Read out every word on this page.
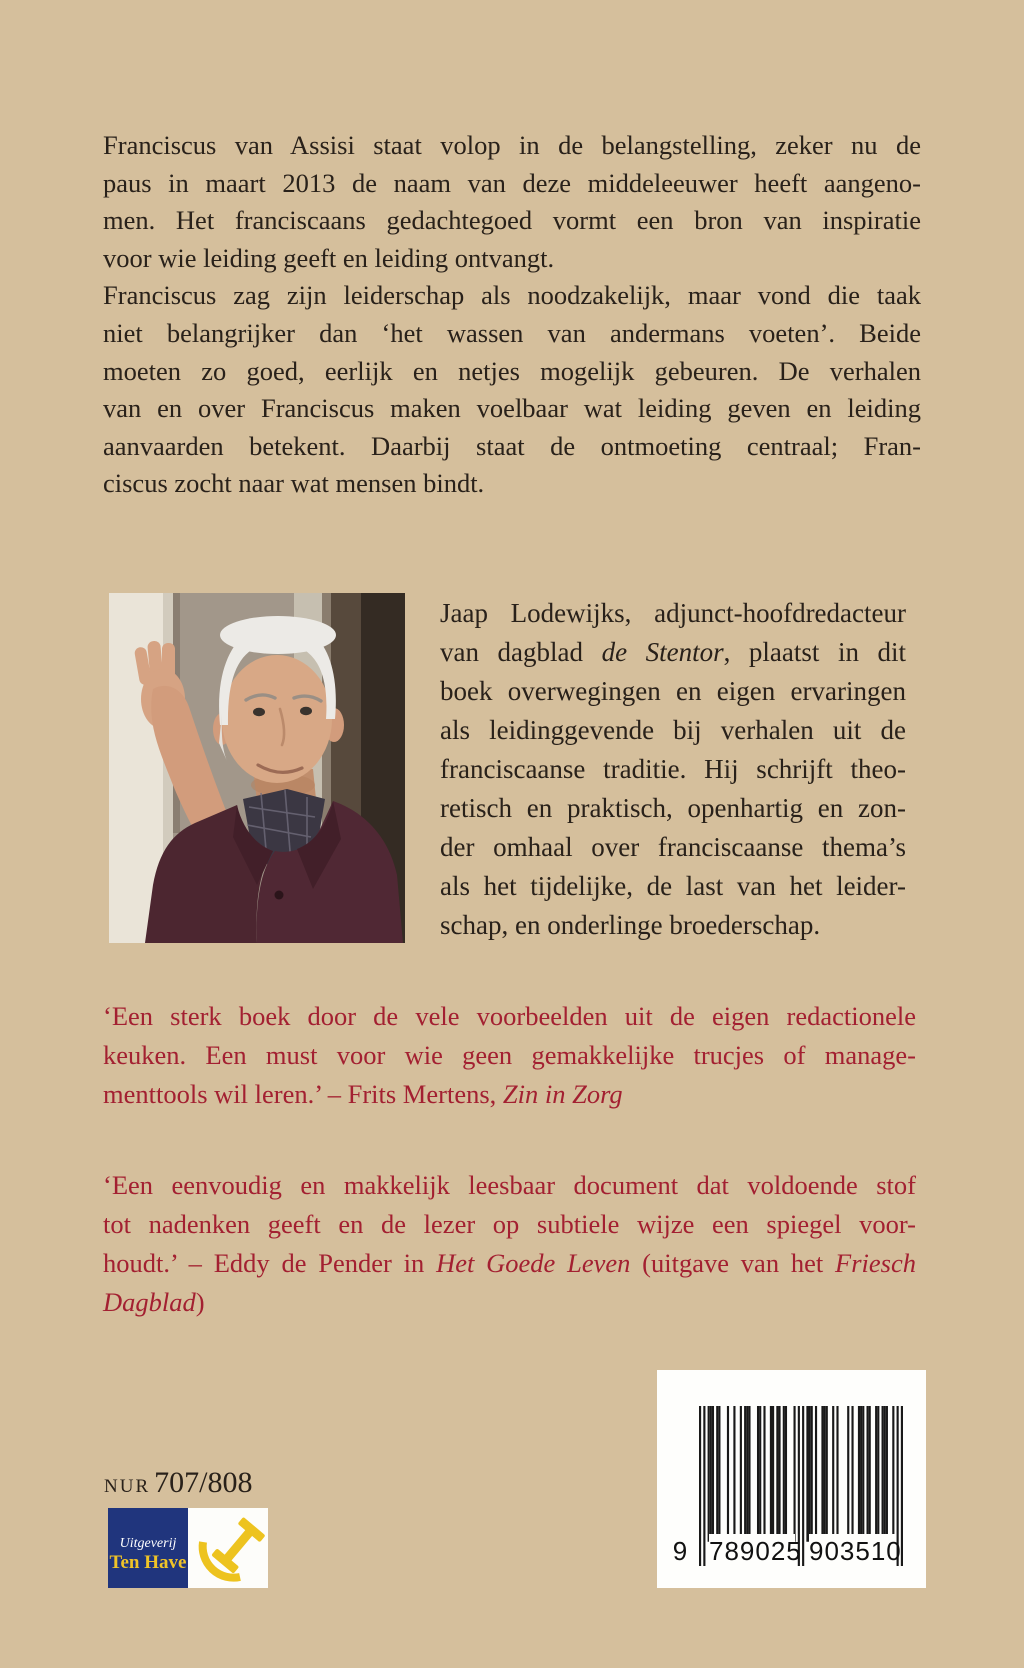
Franciscus van Assisi staat volop in de belangstelling, zeker nu de
paus in maart 2013 de naam van deze middeleeuwer heeft aangeno-
men. Het franciscaans gedachtegoed vormt een bron van inspiratie
voor wie leiding geeft en leiding ontvangt.
Franciscus zag zijn leiderschap als noodzakelijk, maar vond die taak
niet belangrijker dan ‘het wassen van andermans voeten’. Beide
moeten zo goed, eerlijk en netjes mogelijk gebeuren. De verhalen
van en over Franciscus maken voelbaar wat leiding geven en leiding
aanvaarden betekent. Daarbij staat de ontmoeting centraal; Fran-
ciscus zocht naar wat mensen bindt.
Jaap Lodewijks, adjunct-hoofdredacteur
van dagblad de Stentor, plaatst in dit
boek overwegingen en eigen ervaringen
als leidinggevende bij verhalen uit de
franciscaanse traditie. Hij schrijft theo-
retisch en praktisch, openhartig en zon-
der omhaal over franciscaanse thema’s
als het tijdelijke, de last van het leider-
schap, en onderlinge broederschap.
‘Een sterk boek door de vele voorbeelden uit de eigen redactionele
keuken. Een must voor wie geen gemakkelijke trucjes of manage-
menttools wil leren.’ – Frits Mertens, Zin in Zorg
‘Een eenvoudig en makkelijk leesbaar document dat voldoende stof
tot nadenken geeft en de lezer op subtiele wijze een spiegel voor-
houdt.’ – Eddy de Pender in Het Goede Leven (uitgave van het Friesch
Dagblad)
NUR 707/808
Uitgeverij
Ten Have	9 789025 903510
